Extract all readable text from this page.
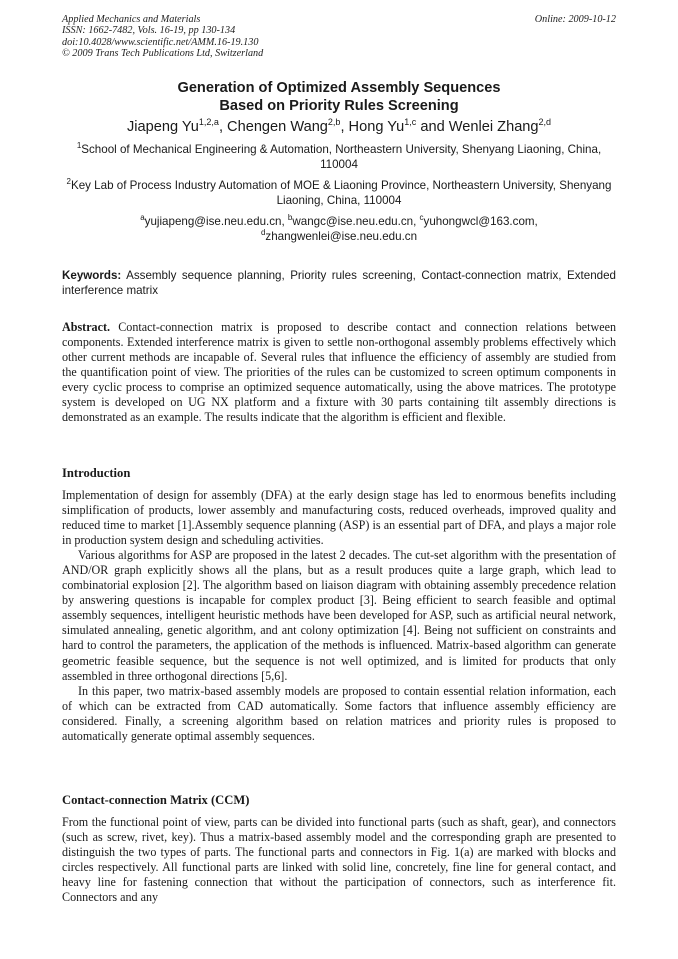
Applied Mechanics and Materials
ISSN: 1662-7482, Vols. 16-19, pp 130-134
doi:10.4028/www.scientific.net/AMM.16-19.130
© 2009 Trans Tech Publications Ltd, Switzerland
Online: 2009-10-12
Generation of Optimized Assembly Sequences
Based on Priority Rules Screening
Jiapeng Yu$^{1,2,a}$, Chengen Wang$^{2,b}$, Hong Yu$^{1,c}$ and Wenlei Zhang$^{2,d}$
$^1$School of Mechanical Engineering & Automation, Northeastern University, Shenyang Liaoning, China, 110004
$^2$Key Lab of Process Industry Automation of MOE & Liaoning Province, Northeastern University, Shenyang Liaoning, China, 110004
$^a$yujiapeng@ise.neu.edu.cn, $^b$wangc@ise.neu.edu.cn, $^c$yuhongwcl@163.com,
$^d$zhangwenlei@ise.neu.edu.cn
Keywords: Assembly sequence planning, Priority rules screening, Contact-connection matrix, Extended interference matrix

Abstract. Contact-connection matrix is proposed to describe contact and connection relations between components. Extended interference matrix is given to settle non-orthogonal assembly problems effectively which other current methods are incapable of. Several rules that influence the efficiency of assembly are studied from the quantification point of view. The priorities of the rules can be customized to screen optimum components in every cyclic process to comprise an optimized sequence automatically, using the above matrices. The prototype system is developed on UG NX platform and a fixture with 30 parts containing tilt assembly directions is demonstrated as an example. The results indicate that the algorithm is efficient and flexible.

Introduction

Implementation of design for assembly (DFA) at the early design stage has led to enormous benefits including simplification of products, lower assembly and manufacturing costs, reduced overheads, improved quality and reduced time to market [1].Assembly sequence planning (ASP) is an essential part of DFA, and plays a major role in production system design and scheduling activities.

Various algorithms for ASP are proposed in the latest 2 decades. The cut-set algorithm with the presentation of AND/OR graph explicitly shows all the plans, but as a result produces quite a large graph, which lead to combinatorial explosion [2]. The algorithm based on liaison diagram with obtaining assembly precedence relation by answering questions is incapable for complex product [3]. Being efficient to search feasible and optimal assembly sequences, intelligent heuristic methods have been developed for ASP, such as artificial neural network, simulated annealing, genetic algorithm, and ant colony optimization [4]. Being not sufficient on constraints and hard to control the parameters, the application of the methods is influenced. Matrix-based algorithm can generate geometric feasible sequence, but the sequence is not well optimized, and is limited for products that only assembled in three orthogonal directions [5,6].

In this paper, two matrix-based assembly models are proposed to contain essential relation information, each of which can be extracted from CAD automatically. Some factors that influence assembly efficiency are considered. Finally, a screening algorithm based on relation matrices and priority rules is proposed to automatically generate optimal assembly sequences.

Contact-connection Matrix (CCM)

From the functional point of view, parts can be divided into functional parts (such as shaft, gear), and connectors (such as screw, rivet, key). Thus a matrix-based assembly model and the corresponding graph are presented to distinguish the two types of parts. The functional parts and connectors in Fig. 1(a) are marked with blocks and circles respectively. All functional parts are linked with solid line, concretely, fine line for general contact, and heavy line for fastening connection that without the participation of connectors, such as interference fit. Connectors and any
